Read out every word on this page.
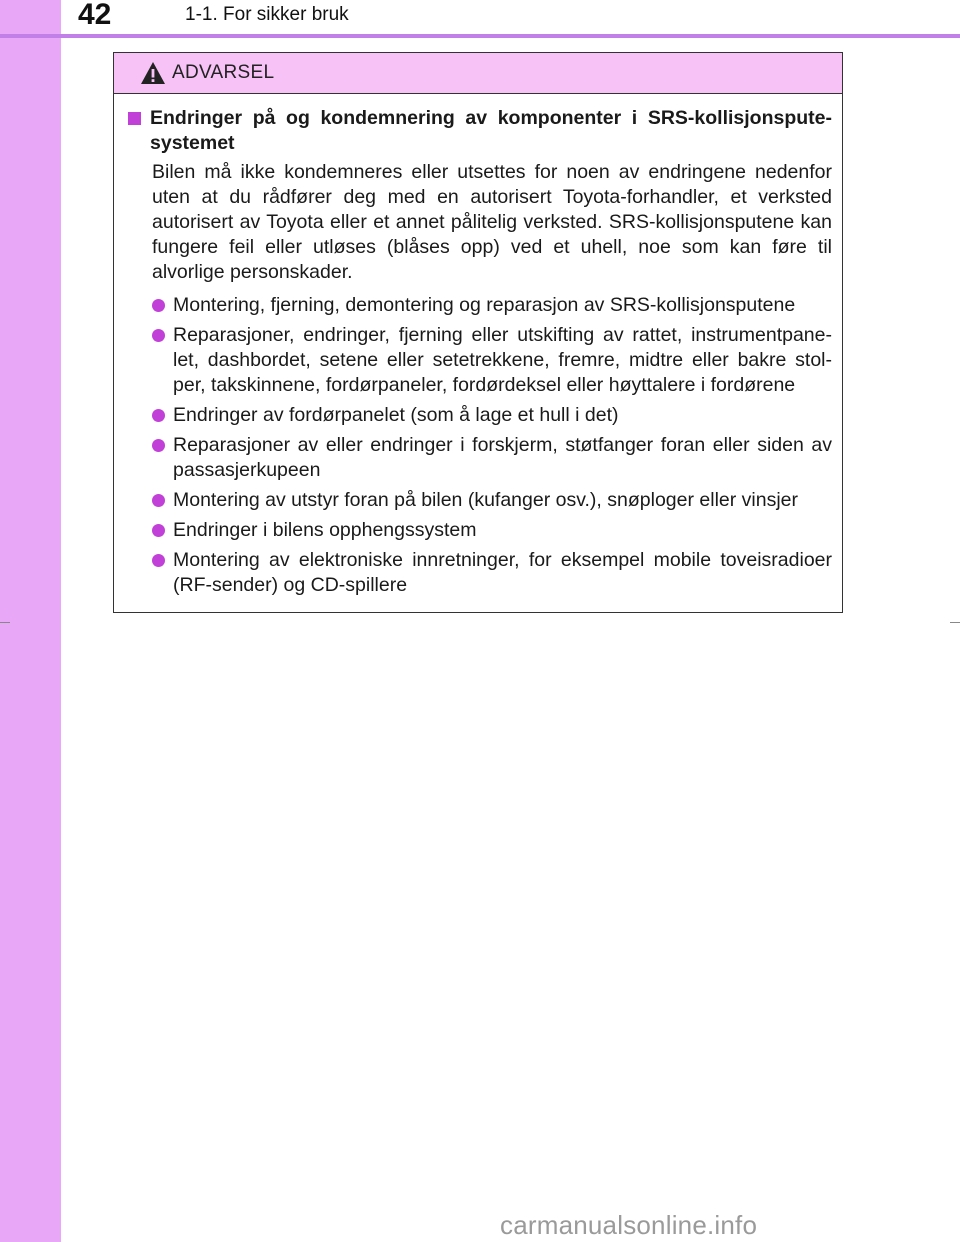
42	1-1. For sikker bruk
ADVARSEL
Endringer på og kondemnering av komponenter i SRS-kollisjonspute-systemet
Bilen må ikke kondemneres eller utsettes for noen av endringene nedenfor uten at du rådfører deg med en autorisert Toyota-forhandler, et verksted autorisert av Toyota eller et annet pålitelig verksted. SRS-kollisjonsputene kan fungere feil eller utløses (blåses opp) ved et uhell, noe som kan føre til alvorlige personskader.
Montering, fjerning, demontering og reparasjon av SRS-kollisjonsputene
Reparasjoner, endringer, fjerning eller utskifting av rattet, instrumentpane-let, dashbordet, setene eller setetrekkene, fremre, midtre eller bakre stol-per, takskinnene, fordørpaneler, fordørdeksel eller høyttalere i fordørene
Endringer av fordørpanelet (som å lage et hull i det)
Reparasjoner av eller endringer i forskjerm, støtfanger foran eller siden av passasjerkupeen
Montering av utstyr foran på bilen (kufanger osv.), snøploger eller vinsjer
Endringer i bilens opphengssystem
Montering av elektroniske innretninger, for eksempel mobile toveisradioer (RF-sender) og CD-spillere
carmanualsonline.info
